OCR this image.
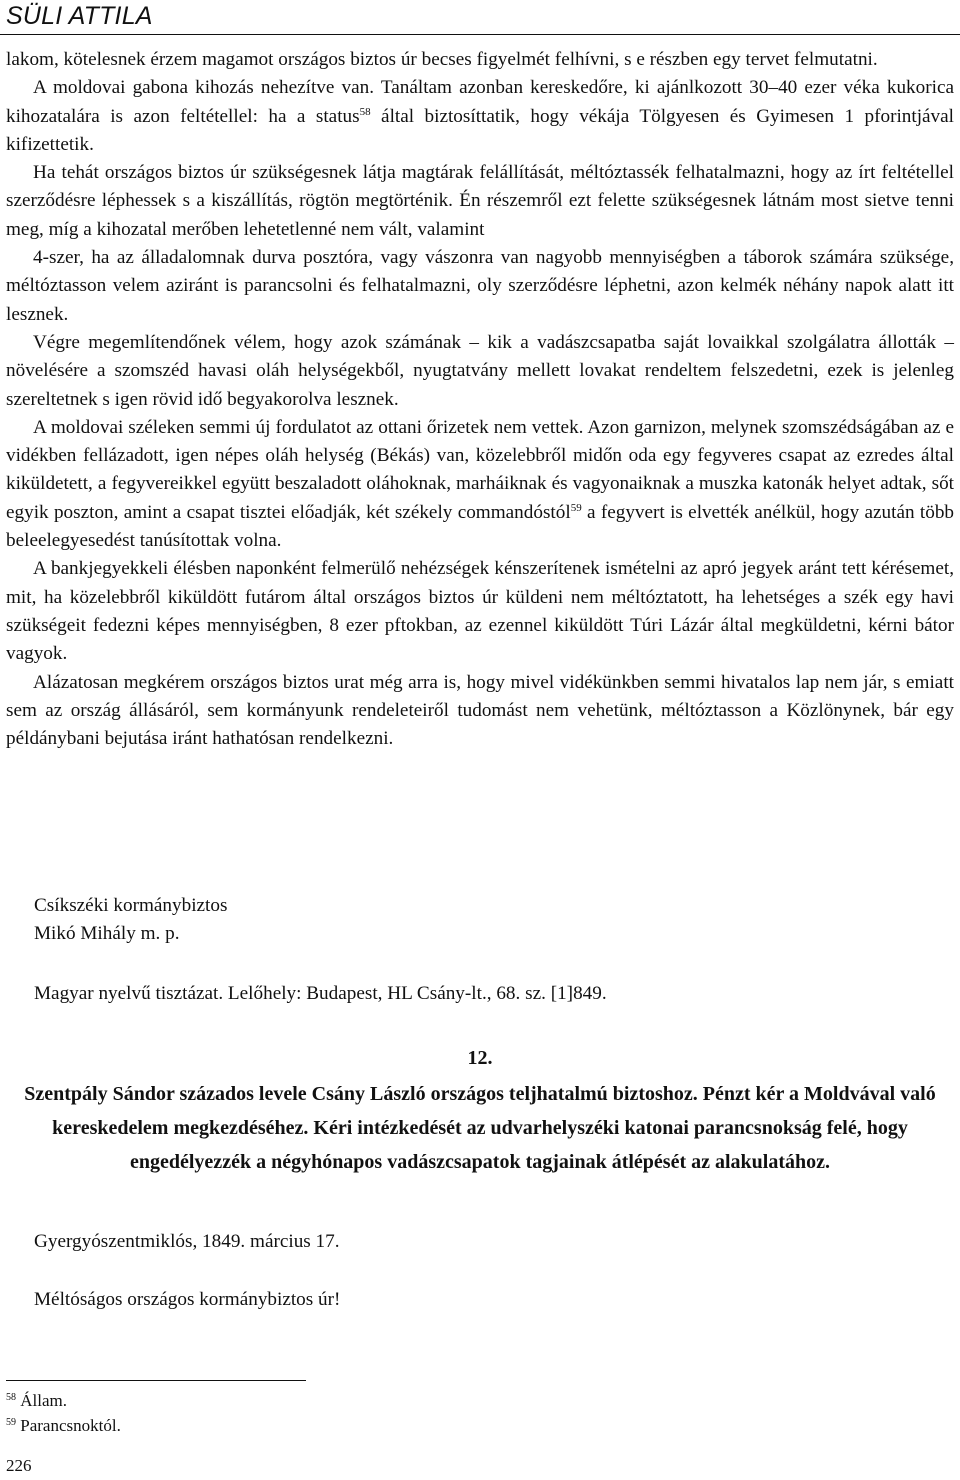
SÜLI ATTILA

lakom, kötelesnek érzem magamot országos biztos úr becses figyelmét felhívni, s e részben egy tervet felmutatni.

A moldovai gabona kihozás nehezítve van. Tanáltam azonban kereskedőre, ki ajánlkozott 30–40 ezer véka kukorica kihozatalára is azon feltétellel: ha a status$^{58}$ által biztosíttatik, hogy vékája Tölgyesen és Gyimesen 1 pforintjával kifizettetik.

Ha tehát országos biztos úr szükségesnek látja magtárak felállítását, méltóztassék felhatalmazni, hogy az írt feltétellel szerződésre léphessek s a kiszállítás, rögtön megtörténik. Én részemről ezt felette szükségesnek látnám most sietve tenni meg, míg a kihozatal merőben lehetetlenné nem vált, valamint

4-szer, ha az álladalomnak durva posztóra, vagy vászonra van nagyobb mennyiségben a táborok számára szüksége, méltóztasson velem aziránt is parancsolni és felhatalmazni, oly szerződésre léphetni, azon kelmék néhány napok alatt itt lesznek.

Végre megemlítendőnek vélem, hogy azok számának – kik a vadászcsapatba saját lovaikkal szolgálatra állották – növelésére a szomszéd havasi oláh helységekből, nyugtatvány mellett lovakat rendeltem felszedetni, ezek is jelenleg szereltetnek s igen rövid idő begyakorolva lesznek.

A moldovai széleken semmi új fordulatot az ottani őrizetek nem vettek. Azon garnizon, melynek szomszédságában az e vidékben fellázadott, igen népes oláh helység (Békás) van, közelebbről midőn oda egy fegyveres csapat az ezredes által kiküldetett, a fegyvereikkel együtt beszaladott oláhoknak, marháiknak és vagyonaiknak a muszka katonák helyet adtak, sőt egyik poszton, amint a csapat tisztei előadják, két székely commandóstól$^{59}$ a fegyvert is elvették anélkül, hogy azután több beleelegyesedést tanúsítottak volna.

A bankjegyekkeli élésben naponként felmerülő nehézségek kénszerítenek ismételni az apró jegyek aránt tett kérésemet, mit, ha közelebbről kiküldött futárom által országos biztos úr küldeni nem méltóztatott, ha lehetséges a szék egy havi szükségeit fedezni képes mennyiségben, 8 ezer pftokban, az ezennel kiküldött Túri Lázár által megküldetni, kérni bátor vagyok.

Alázatosan megkérem országos biztos urat még arra is, hogy mivel vidékünkben semmi hivatalos lap nem jár, s emiatt sem az ország állásáról, sem kormányunk rendeleteiről tudomást nem vehetünk, méltóztasson a Közlönynek, bár egy példánybani bejutása iránt hathatósan rendelkezni.

Csíkszéki kormánybiztos
Mikó Mihály m. p.
Magyar nyelvű tisztázat. Lelőhely: Budapest, HL Csány-lt., 68. sz. [1]849.
12.
Szentpály Sándor százados levele Csány László országos teljhatalmú biztoshoz. Pénzt kér a Moldvával való kereskedelem megkezdéséhez. Kéri intézkedését az udvarhelyszéki katonai parancsnokság felé, hogy engedélyezzék a négyhónapos vadászcsapatok tagjainak átlépését az alakulatához.
Gyergyószentmiklós, 1849. március 17.
Méltóságos országos kormánybiztos úr!
$^{58}$ Állam.
$^{59}$ Parancsnoktól.
226
